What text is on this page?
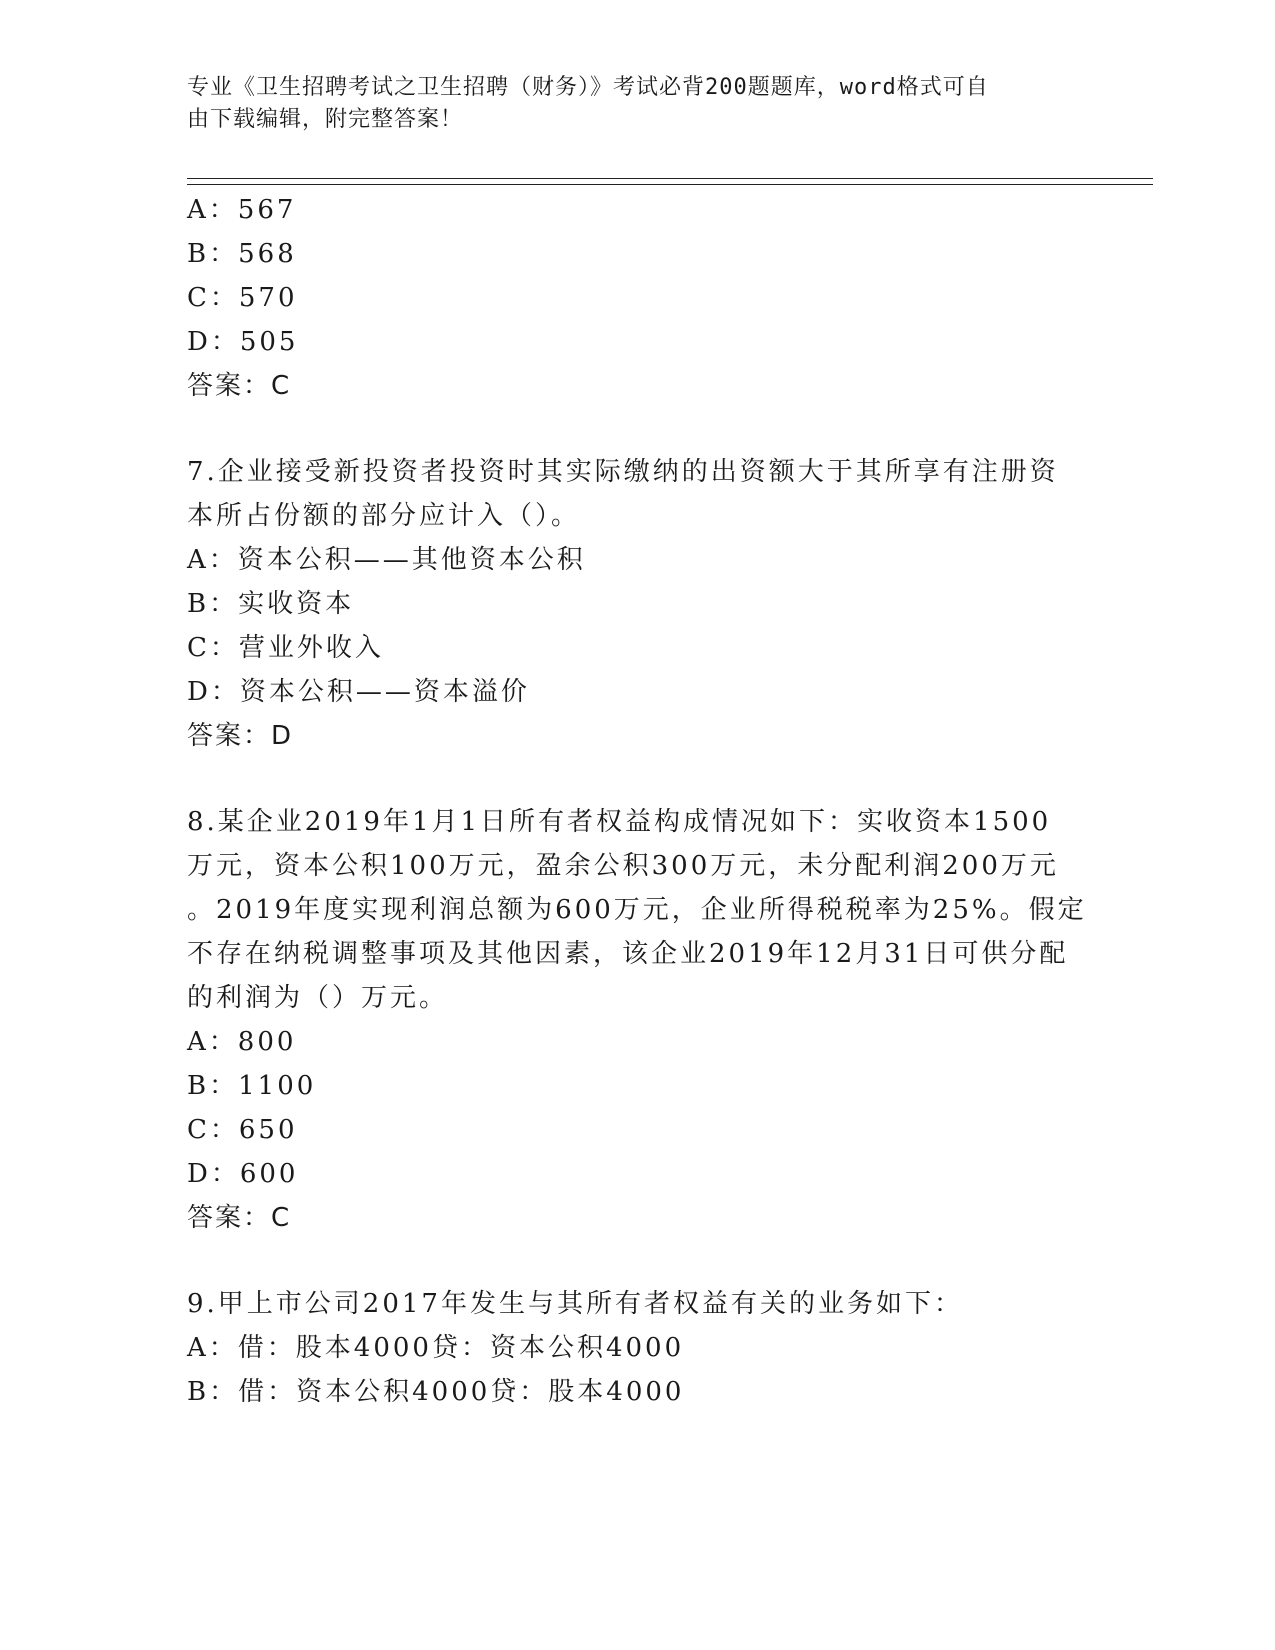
专业《卫生招聘考试之卫生招聘（财务）》考试必背200题题库，word格式可自
由下载编辑，附完整答案！
A：567
B：568
C：570
D：505
答案：C
7.企业接受新投资者投资时其实际缴纳的出资额大于其所享有注册资
本所占份额的部分应计入（）。
A：资本公积——其他资本公积
B：实收资本
C：营业外收入
D：资本公积——资本溢价
答案：D
8.某企业2019年1月1日所有者权益构成情况如下：实收资本1500
万元，资本公积100万元，盈余公积300万元，未分配利润200万元
。2019年度实现利润总额为600万元，企业所得税税率为25%。假定
不存在纳税调整事项及其他因素，该企业2019年12月31日可供分配
的利润为（）万元。
A：800
B：1100
C：650
D：600
答案：C
9.甲上市公司2017年发生与其所有者权益有关的业务如下：
A：借：股本4000贷：资本公积4000
B：借：资本公积4000贷：股本4000
